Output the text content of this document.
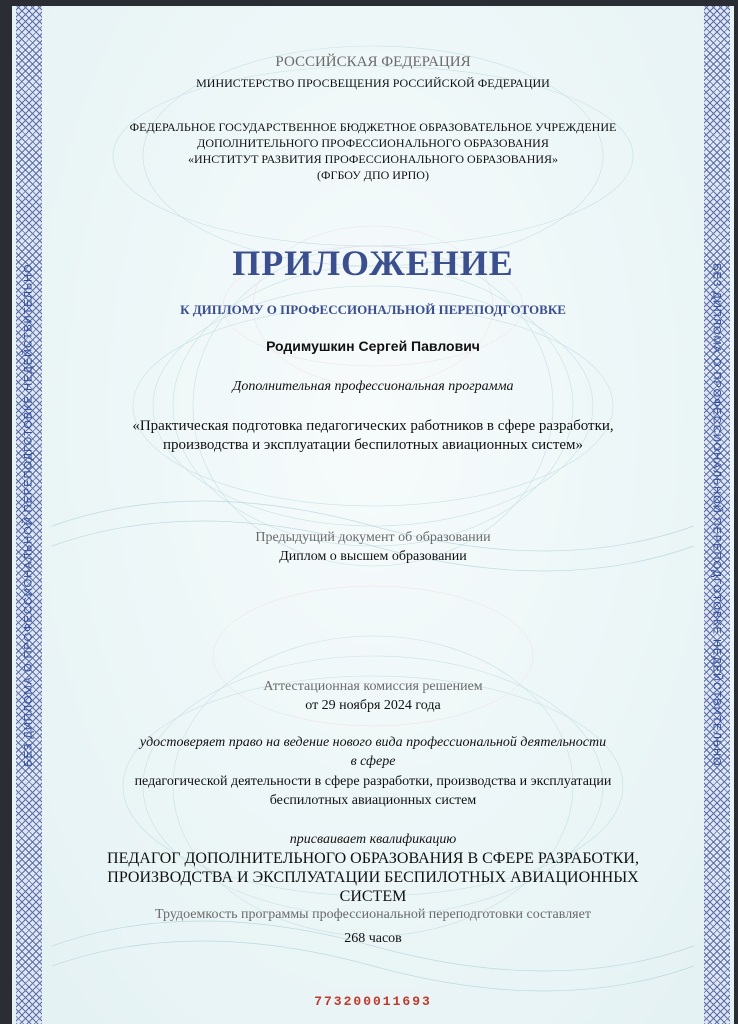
БЕЗ ДИПЛОМА О ПРОФЕССИОНАЛЬНОЙ ПЕРЕПОДГОТОВКЕ НЕДЕЙСТВИТЕЛЬНО	БЕЗ ДИПЛОМА О ПРОФЕССИОНАЛЬНОЙ ПЕРЕПОДГОТОВКЕ НЕДЕЙСТВИТЕЛЬНО

РОССИЙСКАЯ ФЕДЕРАЦИЯ

МИНИСТЕРСТВО ПРОСВЕЩЕНИЯ РОССИЙСКОЙ ФЕДЕРАЦИИ

ФЕДЕРАЛЬНОЕ ГОСУДАРСТВЕННОЕ БЮДЖЕТНОЕ ОБРАЗОВАТЕЛЬНОЕ УЧРЕЖДЕНИЕ

ДОПОЛНИТЕЛЬНОГО ПРОФЕССИОНАЛЬНОГО ОБРАЗОВАНИЯ

«ИНСТИТУТ РАЗВИТИЯ ПРОФЕССИОНАЛЬНОГО ОБРАЗОВАНИЯ»

(ФГБОУ ДПО ИРПО)

ПРИЛОЖЕНИЕ

К ДИПЛОМУ О ПРОФЕССИОНАЛЬНОЙ ПЕРЕПОДГОТОВКЕ

Родимушкин Сергей Павлович

Дополнительная профессиональная программа

«Практическая подготовка педагогических работников в сфере разработки,

производства и эксплуатации беспилотных авиационных систем»

Предыдущий документ об образовании

Диплом о высшем образовании

Аттестационная комиссия решением

от 29 ноября 2024 года

удостоверяет право на ведение нового вида профессиональной деятельности

в сфере

педагогической деятельности в сфере разработки, производства и эксплуатации

беспилотных авиационных систем

присваивает квалификацию

ПЕДАГОГ ДОПОЛНИТЕЛЬНОГО ОБРАЗОВАНИЯ В СФЕРЕ РАЗРАБОТКИ,

ПРОИЗВОДСТВА И ЭКСПЛУАТАЦИИ БЕСПИЛОТНЫХ АВИАЦИОННЫХ

СИСТЕМ

Трудоемкость программы профессиональной переподготовки составляет

268 часов

773200011693
